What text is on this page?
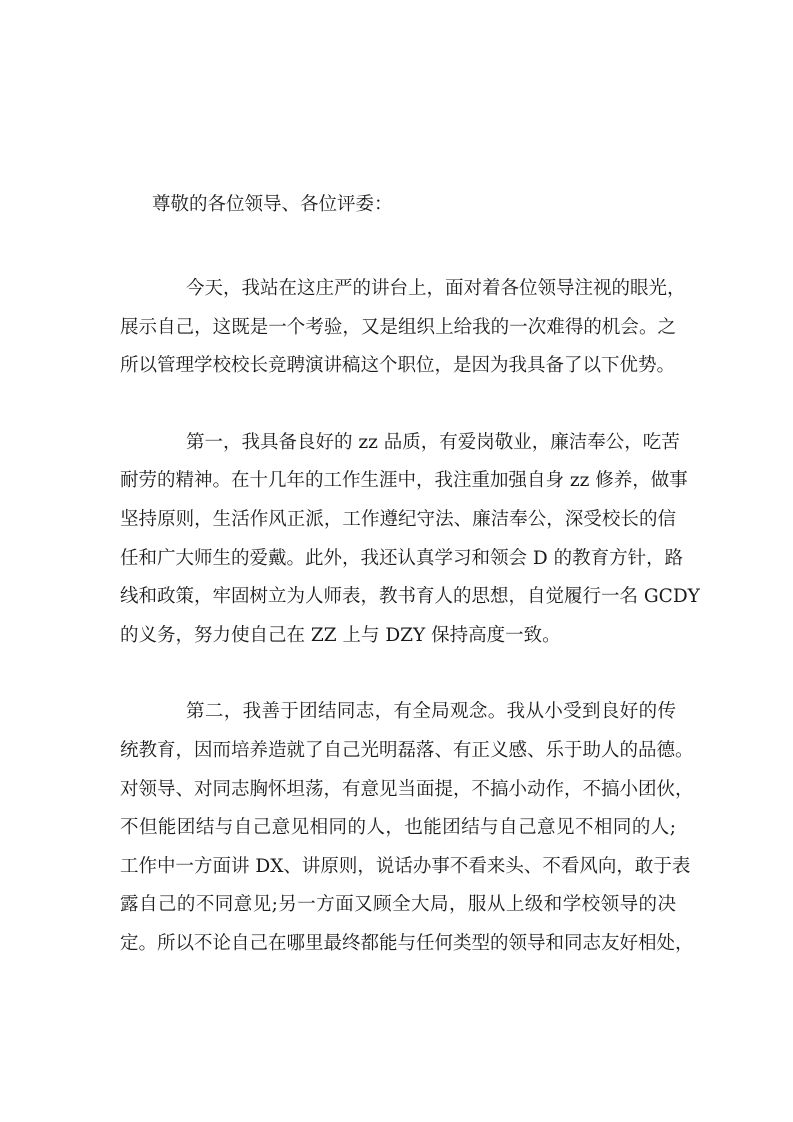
尊敬的各位领导、各位评委：

今天，我站在这庄严的讲台上，面对着各位领导注视的眼光，
展示自己，这既是一个考验，又是组织上给我的一次难得的机会。之
所以管理学校校长竞聘演讲稿这个职位，是因为我具备了以下优势。
第一，我具备良好的 zz 品质，有爱岗敬业，廉洁奉公，吃苦
耐劳的精神。在十几年的工作生涯中，我注重加强自身 zz 修养，做事
坚持原则，生活作风正派，工作遵纪守法、廉洁奉公，深受校长的信
任和广大师生的爱戴。此外，我还认真学习和领会 D 的教育方针，路
线和政策，牢固树立为人师表，教书育人的思想，自觉履行一名 GCDY
的义务，努力使自己在 ZZ 上与 DZY 保持高度一致。
第二，我善于团结同志，有全局观念。我从小受到良好的传
统教育，因而培养造就了自己光明磊落、有正义感、乐于助人的品德。
对领导、对同志胸怀坦荡，有意见当面提，不搞小动作，不搞小团伙，
不但能团结与自己意见相同的人，也能团结与自己意见不相同的人;
工作中一方面讲 DX、讲原则，说话办事不看来头、不看风向，敢于表
露自己的不同意见;另一方面又顾全大局，服从上级和学校领导的决
定。所以不论自己在哪里最终都能与任何类型的领导和同志友好相处，
